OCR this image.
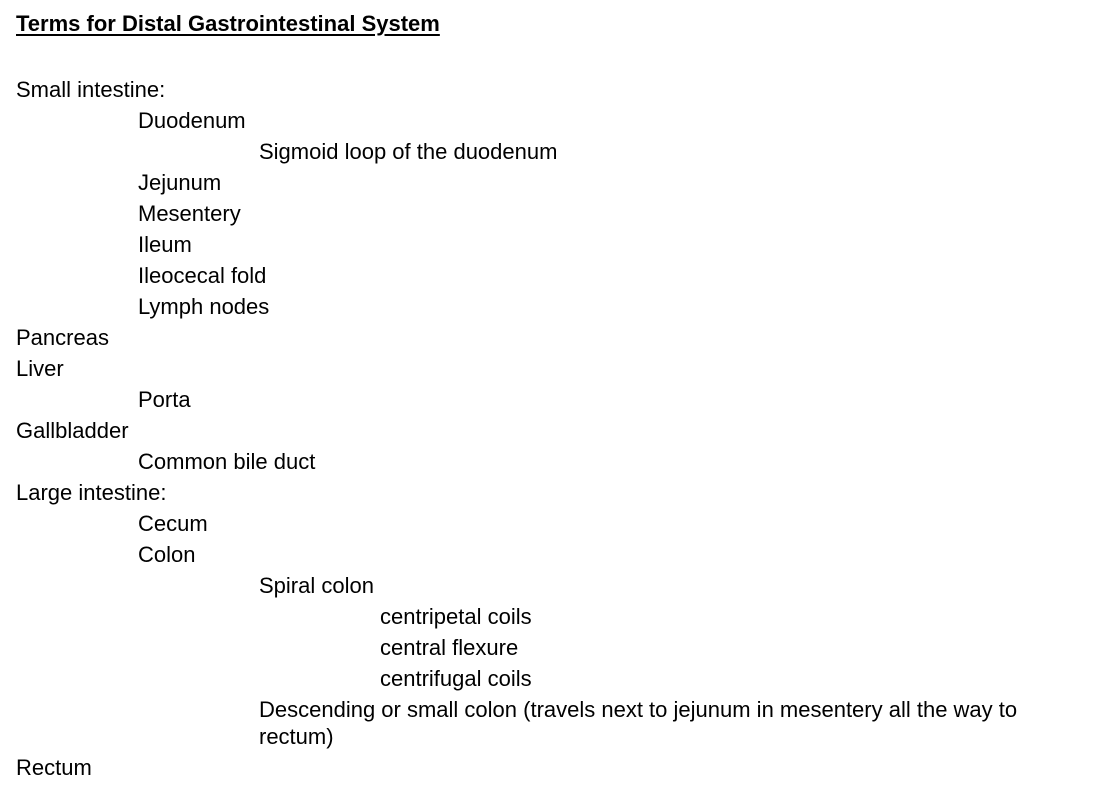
Terms for Distal Gastrointestinal System
Small intestine:
Duodenum
Sigmoid loop of the duodenum
Jejunum
Mesentery
Ileum
Ileocecal fold
Lymph nodes
Pancreas
Liver
Porta
Gallbladder
Common bile duct
Large intestine:
Cecum
Colon
Spiral colon
centripetal coils
central flexure
centrifugal coils
Descending or small colon (travels next to jejunum in mesentery all the way to rectum)
Rectum
